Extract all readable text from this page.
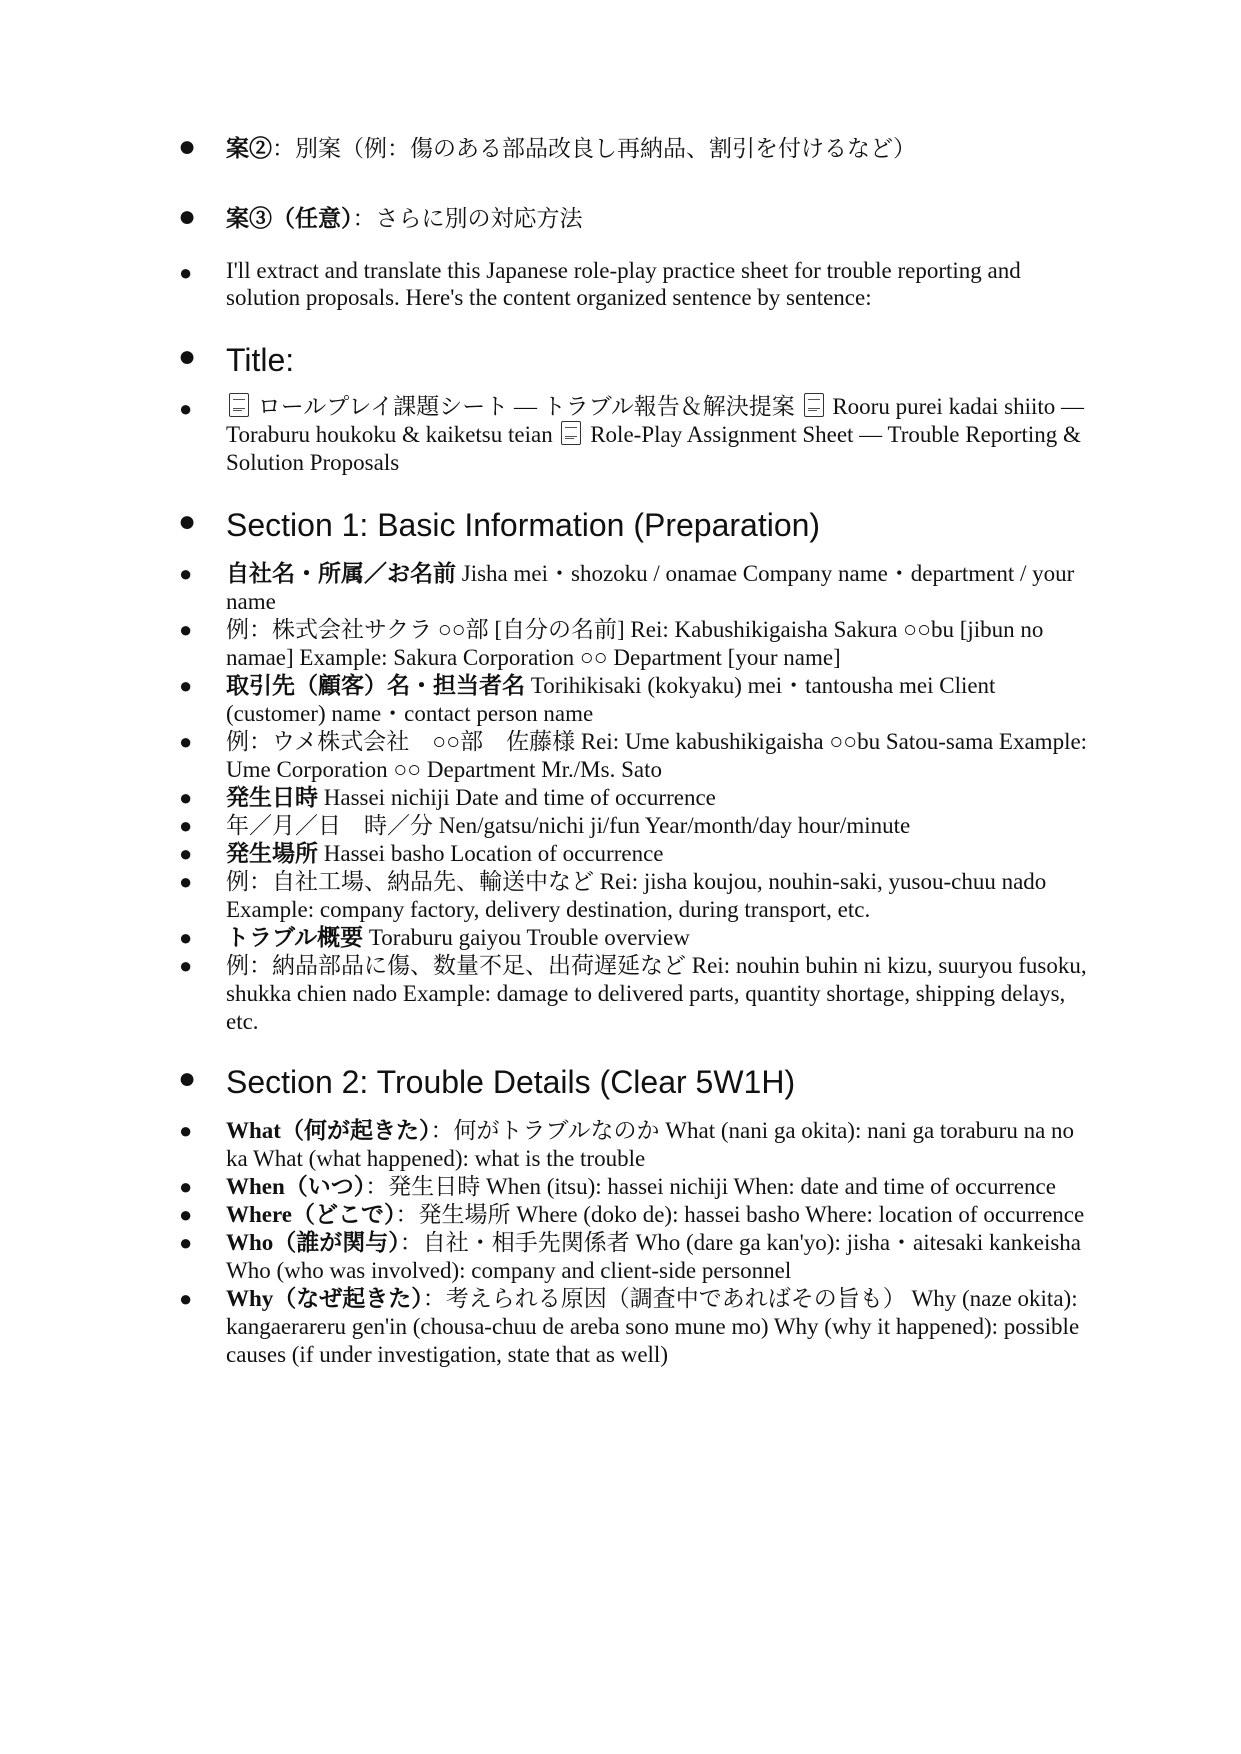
● 案②：別案（例：傷のある部品改良し再納品、割引を付けるなど）
● 案③（任意）：さらに別の対応方法
● I'll extract and translate this Japanese role-play practice sheet for trouble reporting and solution proposals. Here's the content organized sentence by sentence:
● Title:
●	ロールプレイ課題シート — トラブル報告＆解決提案 Rooru purei kadai shiito — Toraburu houkoku & kaiketsu teian Role-Play Assignment Sheet — Trouble Reporting & Solution Proposals
● Section 1: Basic Information (Preparation)
● 自社名・所属／お名前 Jisha mei・shozoku / onamae Company name・department / your name
● 例：株式会社サクラ ○○部 [自分の名前] Rei: Kabushikigaisha Sakura ○○bu [jibun no namae] Example: Sakura Corporation ○○ Department [your name]
● 取引先（顧客）名・担当者名 Torihikisaki (kokyaku) mei・tantousha mei Client (customer) name・contact person name
● 例：ウメ株式会社　○○部　佐藤様 Rei: Ume kabushikigaisha ○○bu Satou-sama Example: Ume Corporation ○○ Department Mr./Ms. Sato
● 発生日時 Hassei nichiji Date and time of occurrence
● 年／月／日　時／分 Nen/gatsu/nichi ji/fun Year/month/day hour/minute
● 発生場所 Hassei basho Location of occurrence
● 例：自社工場、納品先、輸送中など Rei: jisha koujou, nouhin-saki, yusou-chuu nado Example: company factory, delivery destination, during transport, etc.
● トラブル概要 Toraburu gaiyou Trouble overview
● 例：納品部品に傷、数量不足、出荷遅延など Rei: nouhin buhin ni kizu, suuryou fusoku, shukka chien nado Example: damage to delivered parts, quantity shortage, shipping delays, etc.
● Section 2: Trouble Details (Clear 5W1H)
● What（何が起きた）：何がトラブルなのか What (nani ga okita): nani ga toraburu na no ka What (what happened): what is the trouble
● When（いつ）：発生日時 When (itsu): hassei nichiji When: date and time of occurrence
● Where（どこで）：発生場所 Where (doko de): hassei basho Where: location of occurrence
● Who（誰が関与）：自社・相手先関係者 Who (dare ga kan'yo): jisha・aitesaki kankeisha Who (who was involved): company and client-side personnel
● Why（なぜ起きた）：考えられる原因（調査中であればその旨も） Why (naze okita): kangaerareru gen'in (chousa-chuu de areba sono mune mo) Why (why it happened): possible causes (if under investigation, state that as well)
